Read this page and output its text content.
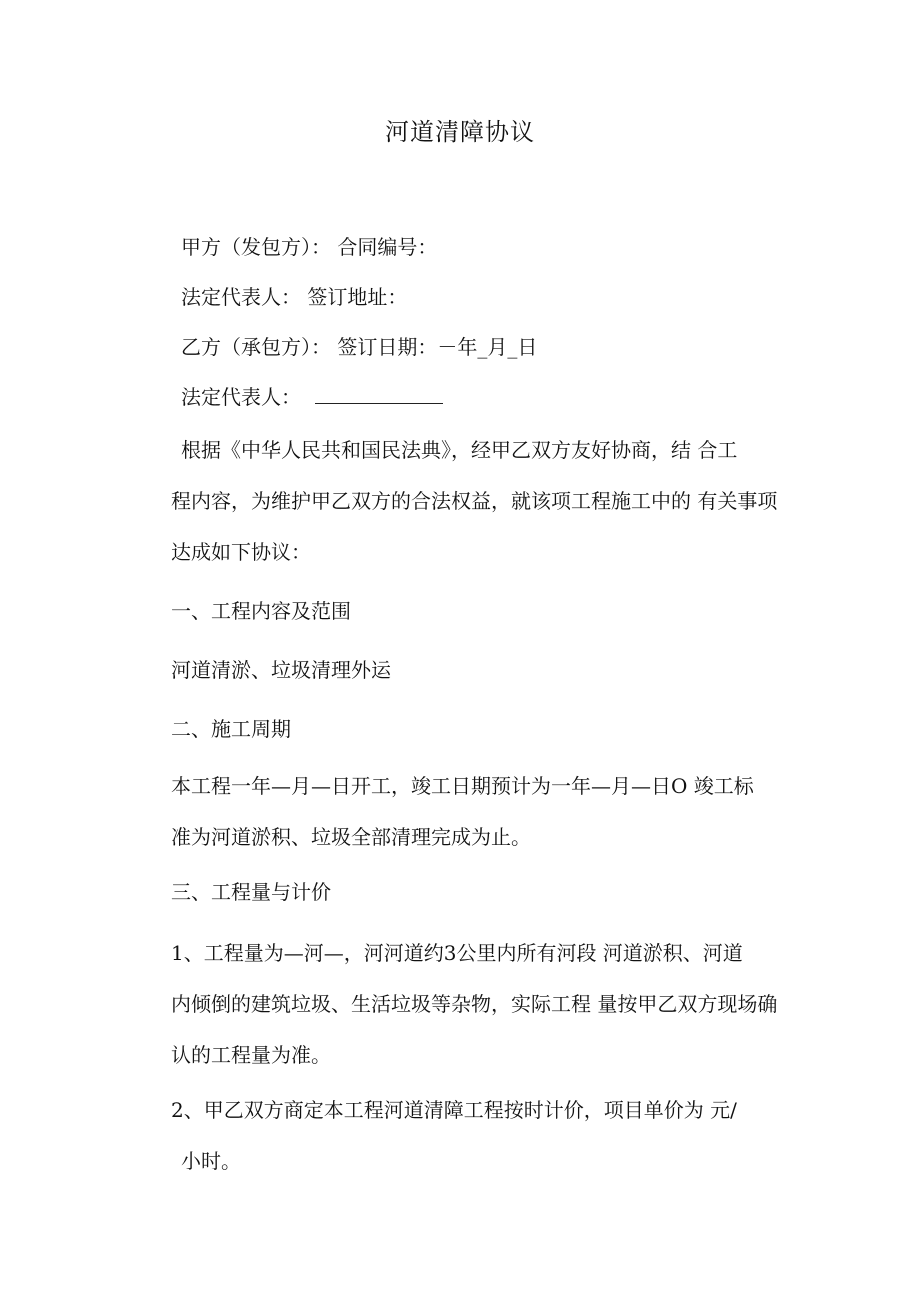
河道清障协议
甲方（发包方）： 合同编号：
法定代表人： 签订地址：
乙方（承包方）： 签订日期：－年_月_日
法定代表人：
根据《中华人民共和国民法典》，经甲乙双方友好协商，结 合工
程内容，为维护甲乙双方的合法权益，就该项工程施工中的 有关事项
达成如下协议：
一、工程内容及范围
河道清淤、垃圾清理外运
二、施工周期
本工程一年—月—日开工，竣工日期预计为一年—月—日O 竣工标
准为河道淤积、垃圾全部清理完成为止。
三、工程量与计价
1、工程量为—河—，河河道约3公里内所有河段 河道淤积、河道
内倾倒的建筑垃圾、生活垃圾等杂物，实际工程 量按甲乙双方现场确
认的工程量为准。
2、甲乙双方商定本工程河道清障工程按时计价，项目单价为 元/
小时。
